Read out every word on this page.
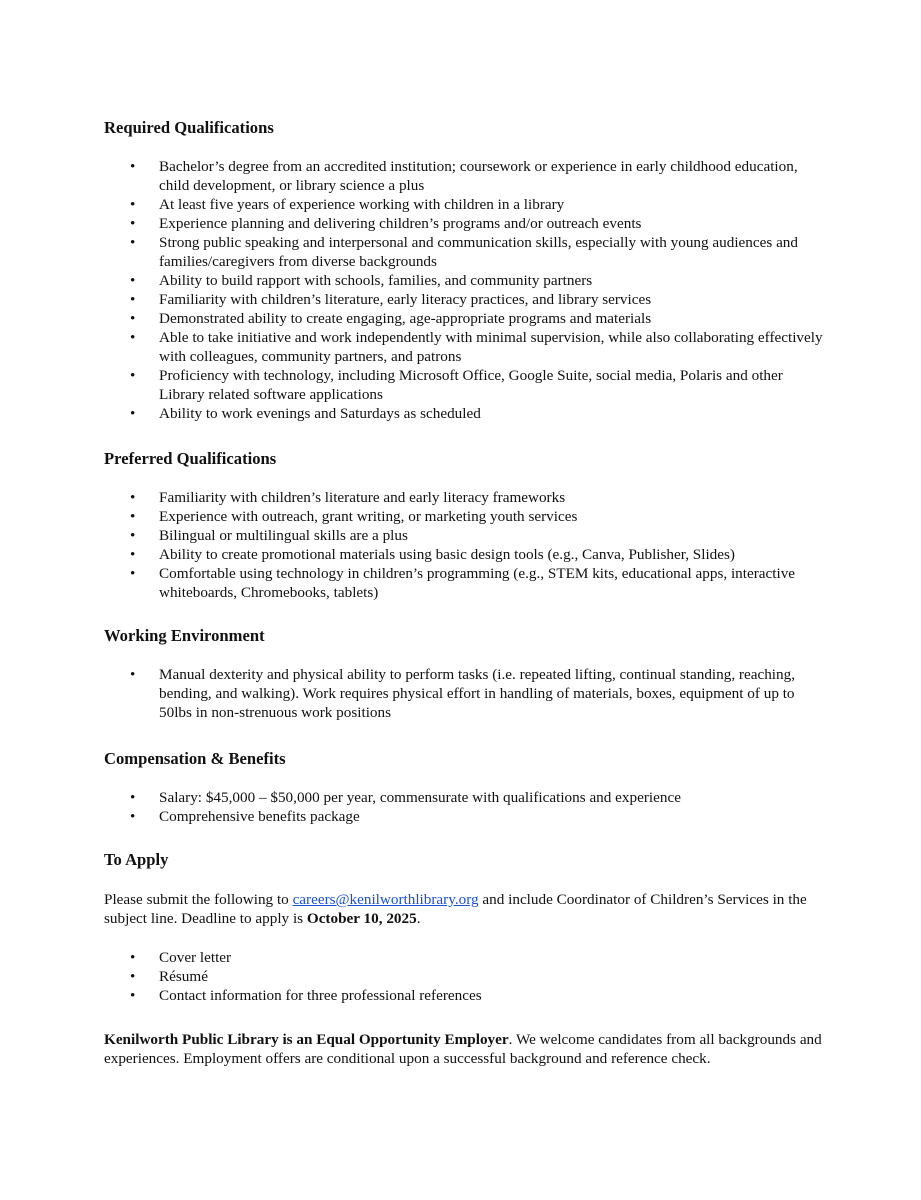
Required Qualifications
• Bachelor’s degree from an accredited institution; coursework or experience in early childhood education, child development, or library science a plus
• At least five years of experience working with children in a library
• Experience planning and delivering children’s programs and/or outreach events
• Strong public speaking and interpersonal and communication skills, especially with young audiences and families/caregivers from diverse backgrounds
• Ability to build rapport with schools, families, and community partners
• Familiarity with children’s literature, early literacy practices, and library services
• Demonstrated ability to create engaging, age-appropriate programs and materials
• Able to take initiative and work independently with minimal supervision, while also collaborating effectively with colleagues, community partners, and patrons
• Proficiency with technology, including Microsoft Office, Google Suite, social media, Polaris and other Library related software applications
• Ability to work evenings and Saturdays as scheduled
Preferred Qualifications
• Familiarity with children’s literature and early literacy frameworks
• Experience with outreach, grant writing, or marketing youth services
• Bilingual or multilingual skills are a plus
• Ability to create promotional materials using basic design tools (e.g., Canva, Publisher, Slides)
• Comfortable using technology in children’s programming (e.g., STEM kits, educational apps, interactive whiteboards, Chromebooks, tablets)
Working Environment
• Manual dexterity and physical ability to perform tasks (i.e. repeated lifting, continual standing, reaching, bending, and walking). Work requires physical effort in handling of materials, boxes, equipment of up to 50lbs in non-strenuous work positions
Compensation & Benefits
• Salary: $45,000 – $50,000 per year, commensurate with qualifications and experience
• Comprehensive benefits package
To Apply

Please submit the following to careers@kenilworthlibrary.org and include Coordinator of Children’s Services in the subject line. Deadline to apply is October 10, 2025.

• Cover letter
• Résumé
• Contact information for three professional references

Kenilworth Public Library is an Equal Opportunity Employer. We welcome candidates from all backgrounds and experiences. Employment offers are conditional upon a successful background and reference check.
